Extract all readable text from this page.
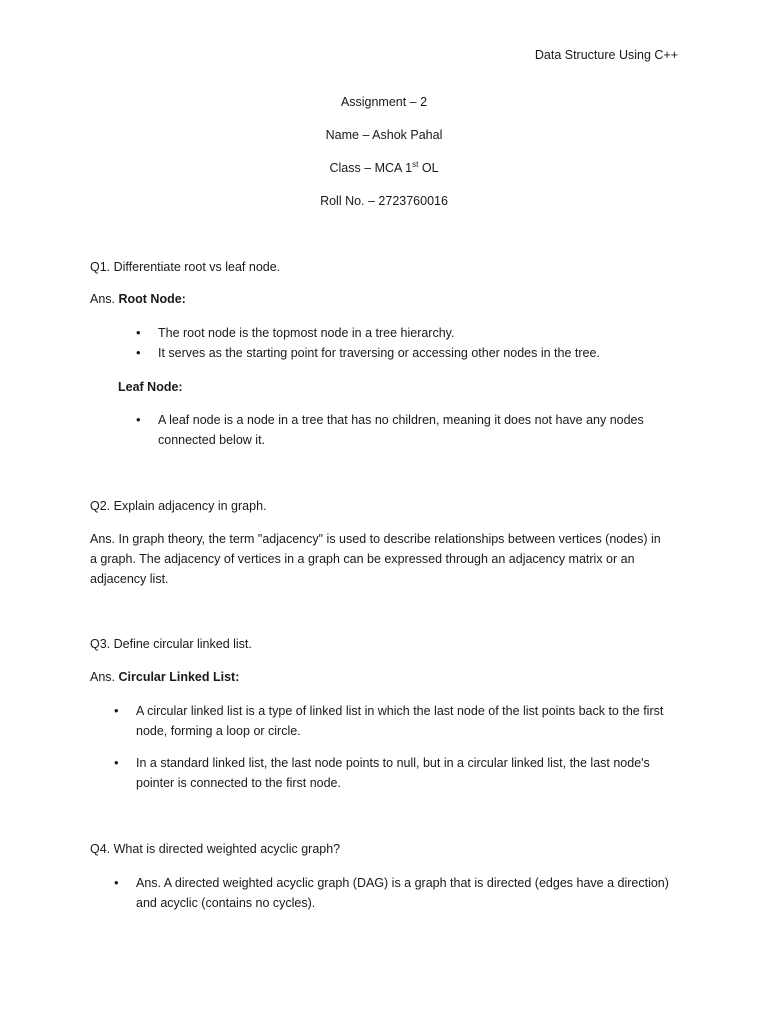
Data Structure Using C++
Assignment – 2
Name – Ashok Pahal
Class – MCA 1st OL
Roll No. – 2723760016
Q1. Differentiate root vs leaf node.
Ans. Root Node:
• The root node is the topmost node in a tree hierarchy.
• It serves as the starting point for traversing or accessing other nodes in the tree.
Leaf Node:
• A leaf node is a node in a tree that has no children, meaning it does not have any nodes
connected below it.
Q2. Explain adjacency in graph.
Ans. In graph theory, the term "adjacency" is used to describe relationships between vertices (nodes) in
a graph. The adjacency of vertices in a graph can be expressed through an adjacency matrix or an
adjacency list.
Q3. Define circular linked list.
Ans. Circular Linked List:
• A circular linked list is a type of linked list in which the last node of the list points back to the first
node, forming a loop or circle.
• In a standard linked list, the last node points to null, but in a circular linked list, the last node's
pointer is connected to the first node.
Q4. What is directed weighted acyclic graph?
• Ans. A directed weighted acyclic graph (DAG) is a graph that is directed (edges have a direction)
and acyclic (contains no cycles).
